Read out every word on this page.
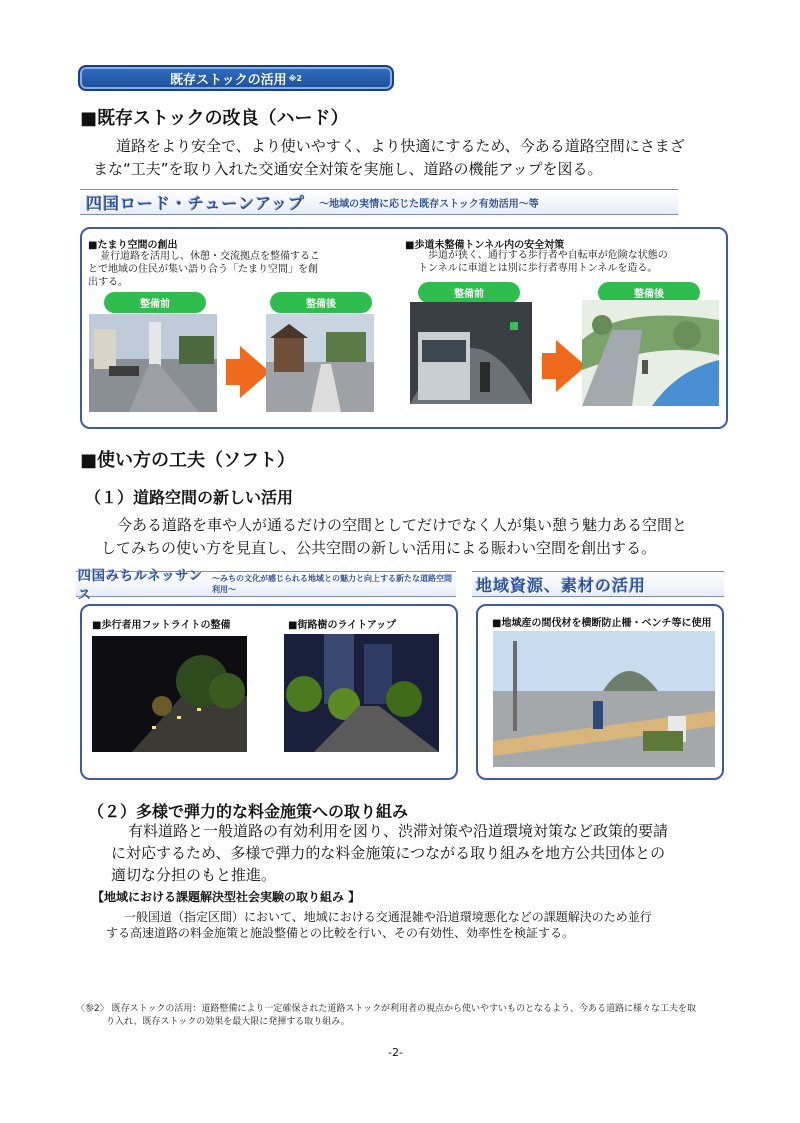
既存ストックの活用 ※2
■既存ストックの改良（ハード）
道路をより安全で、より使いやすく、より快適にするため、今ある道路空間にさまざ
まな“工夫”を取り入れた交通安全対策を実施し、道路の機能アップを図る。
四国ロード・チューンアップ ～地域の実情に応じた既存ストック有効活用～等
■たまり空間の創出
並行道路を活用し、休憩・交流拠点を整備するこ
とで地域の住民が集い語り合う「たまり空間」を創
出する。
整備前	整備後
■歩道未整備トンネル内の安全対策
歩道が狭く、通行する歩行者や自転車が危険な状態の
トンネルに車道とは別に歩行者専用トンネルを造る。
整備前	整備後
■使い方の工夫（ソフト）
（１）道路空間の新しい活用
今ある道路を車や人が通るだけの空間としてだけでなく人が集い憩う魅力ある空間と
してみちの使い方を見直し、公共空間の新しい活用による賑わい空間を創出する。
四国みちルネッサンス
～みちの文化が感じられる地域との魅力と向上する新たな道路空間利用～	地域資源、素材の活用
■歩行者用フットライトの整備	■街路樹のライトアップ	■地域産の間伐材を横断防止柵・ベンチ等に使用
（２）多様で弾力的な料金施策への取り組み
有料道路と一般道路の有効利用を図り、渋滞対策や沿道環境対策など政策的要請
に対応するため、多様で弾力的な料金施策につながる取り組みを地方公共団体との
適切な分担のもと推進。
【地域における課題解決型社会実験の取り組み 】
一般国道（指定区間）において、地域における交通混雑や沿道環境悪化などの課題解決のため並行
する高速道路の料金施策と施設整備との比較を行い、その有効性、効率性を検証する。
〈参2〉 既存ストックの活用：道路整備により一定確保された道路ストックが利用者の視点から使いやすいものとなるよう、今ある道路に様々な工夫を取
り入れ、既存ストックの効果を最大限に発揮する取り組み。
-2-
